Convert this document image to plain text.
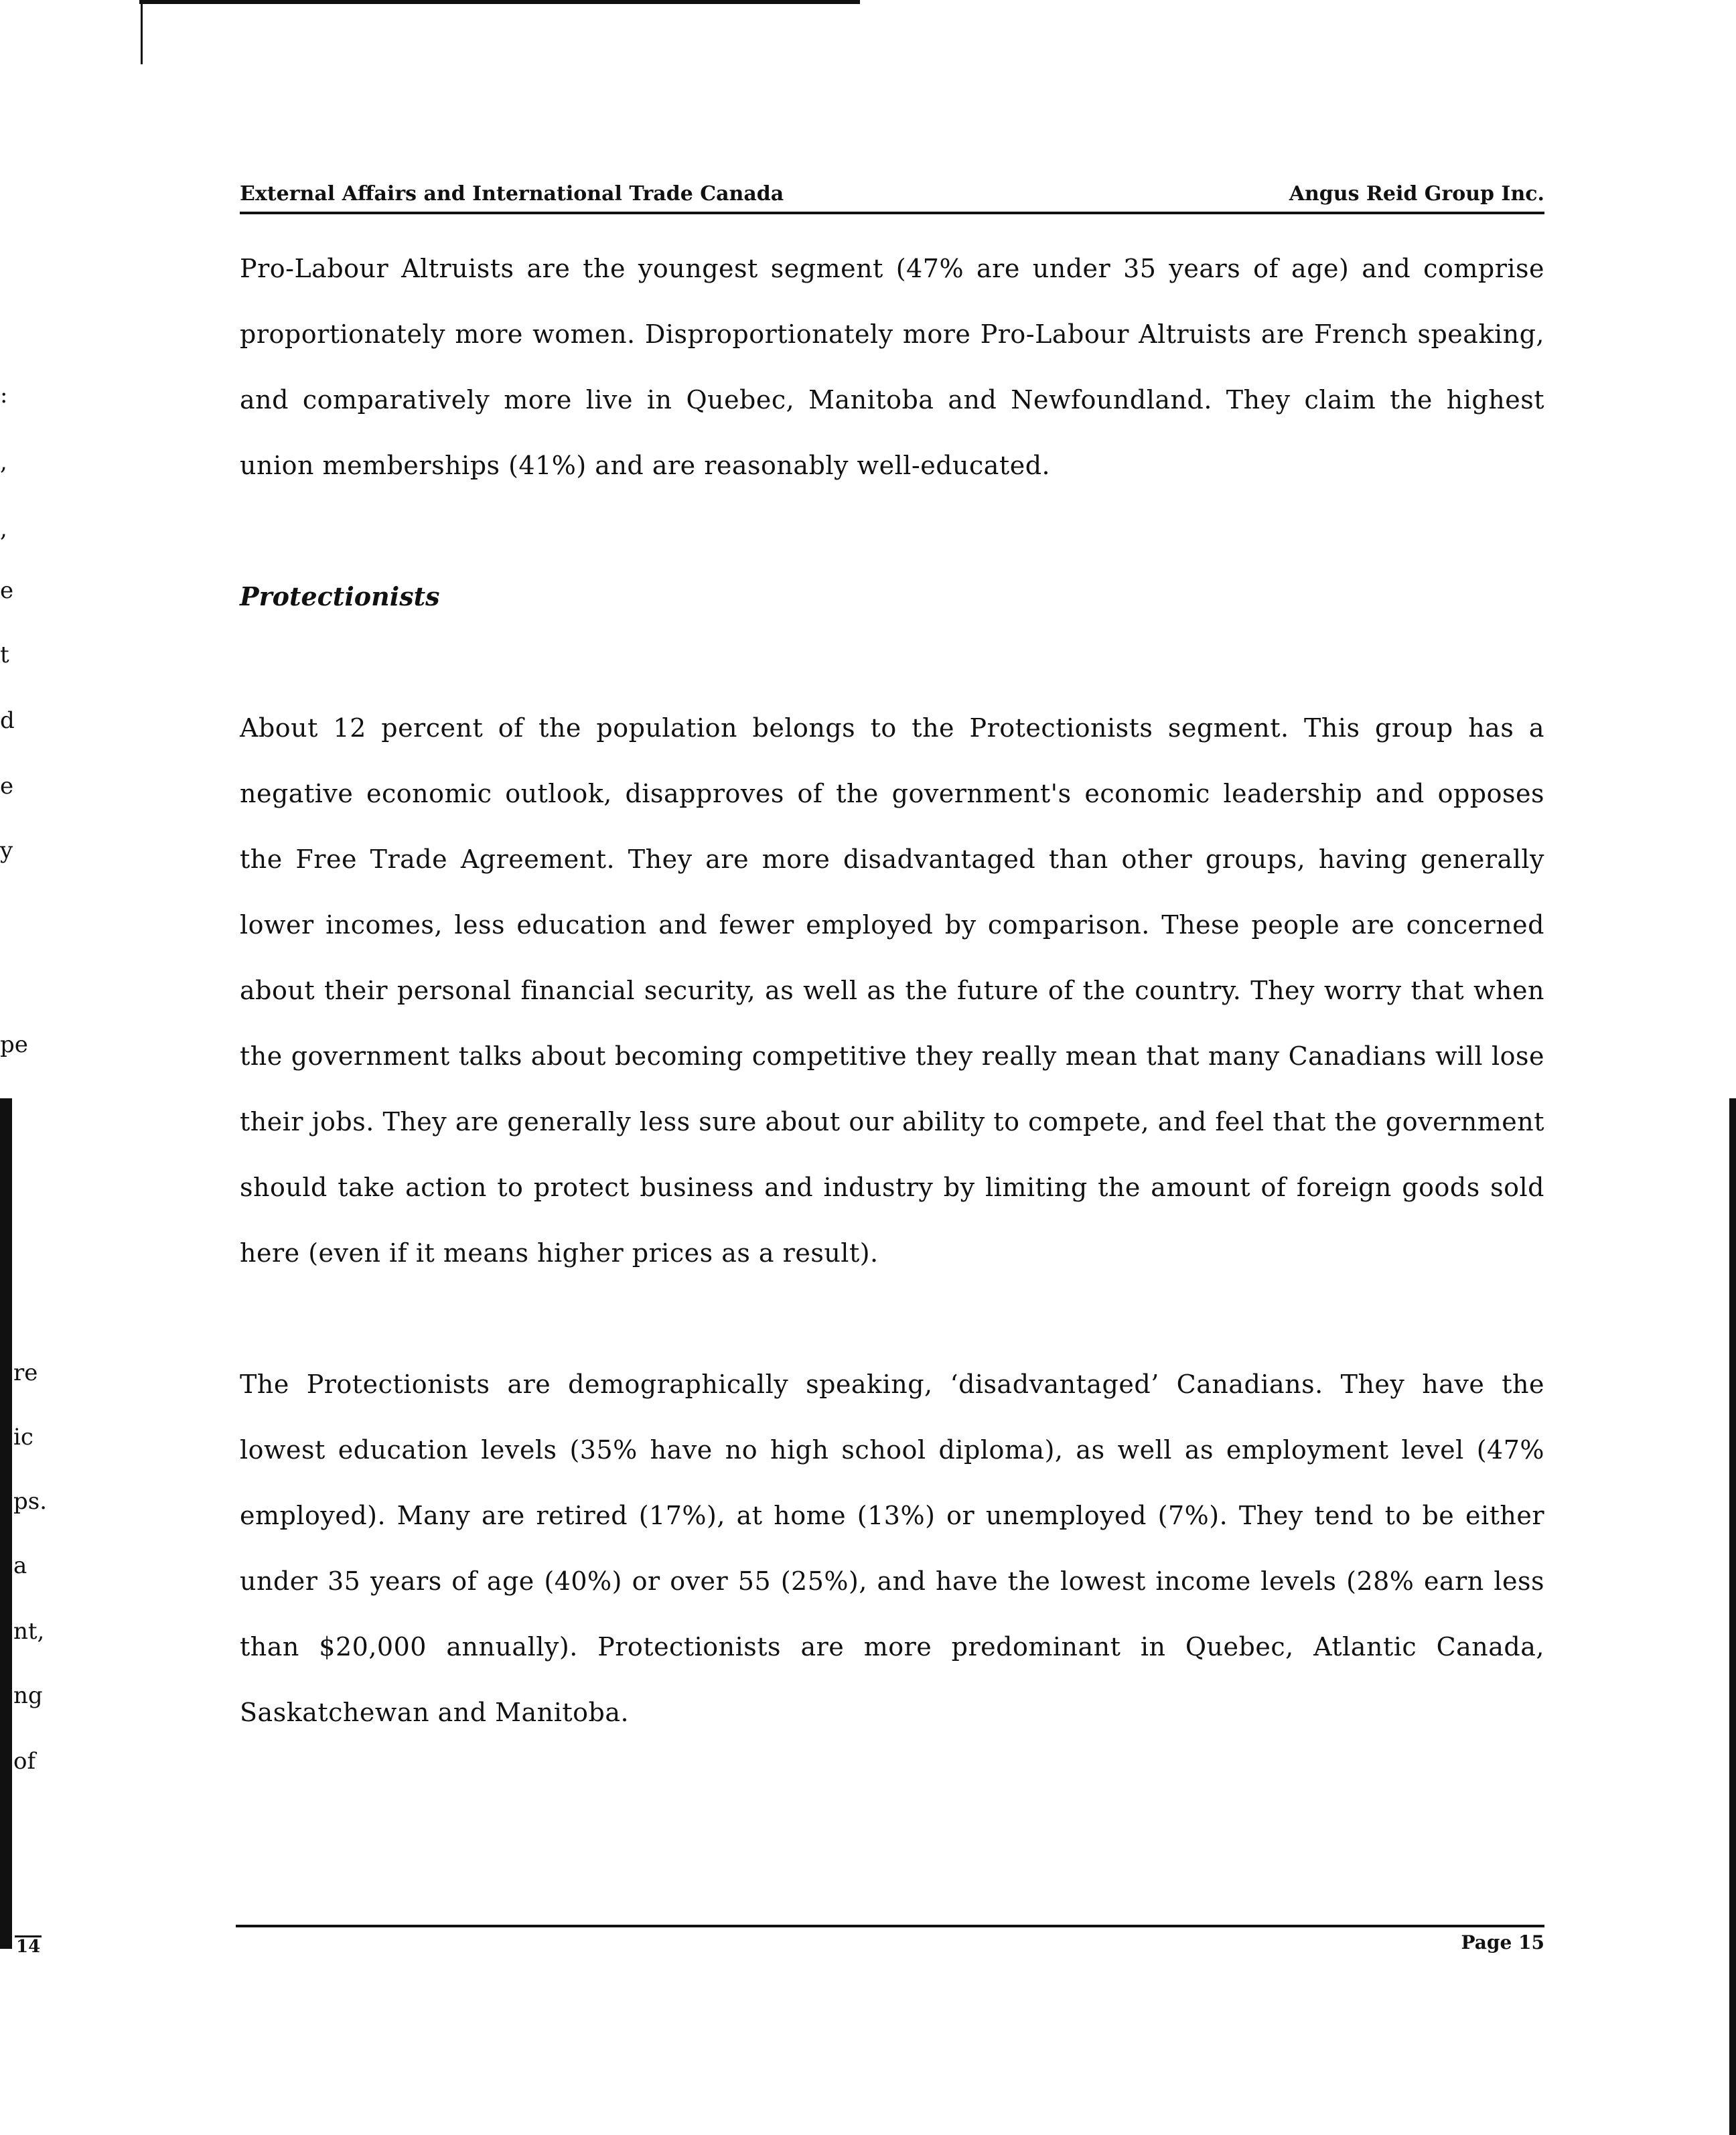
:
,
,
e
t
d
e
y
pe
re
ic
ps.
a
nt,
ng
of
14
External Affairs and International Trade Canada	Angus Reid Group Inc.

Pro-Labour Altruists are the youngest segment (47% are under 35 years of age) and comprise proportionately more women. Disproportionately more Pro-Labour Altruists are French speaking, and comparatively more live in Quebec, Manitoba and Newfoundland. They claim the highest union memberships (41%) and are reasonably well-educated.

Protectionists

About 12 percent of the population belongs to the Protectionists segment. This group has a negative economic outlook, disapproves of the government's economic leadership and opposes the Free Trade Agreement. They are more disadvantaged than other groups, having generally lower incomes, less education and fewer employed by comparison. These people are concerned about their personal financial security, as well as the future of the country. They worry that when the government talks about becoming competitive they really mean that many Canadians will lose their jobs. They are generally less sure about our ability to compete, and feel that the government should take action to protect business and industry by limiting the amount of foreign goods sold here (even if it means higher prices as a result).

The Protectionists are demographically speaking, ‘disadvantaged’ Canadians. They have the lowest education levels (35% have no high school diploma), as well as employment level (47% employed). Many are retired (17%), at home (13%) or unemployed (7%). They tend to be either under 35 years of age (40%) or over 55 (25%), and have the lowest income levels (28% earn less than $20,000 annually). Protectionists are more predominant in Quebec, Atlantic Canada, Saskatchewan and Manitoba.

Page 15
